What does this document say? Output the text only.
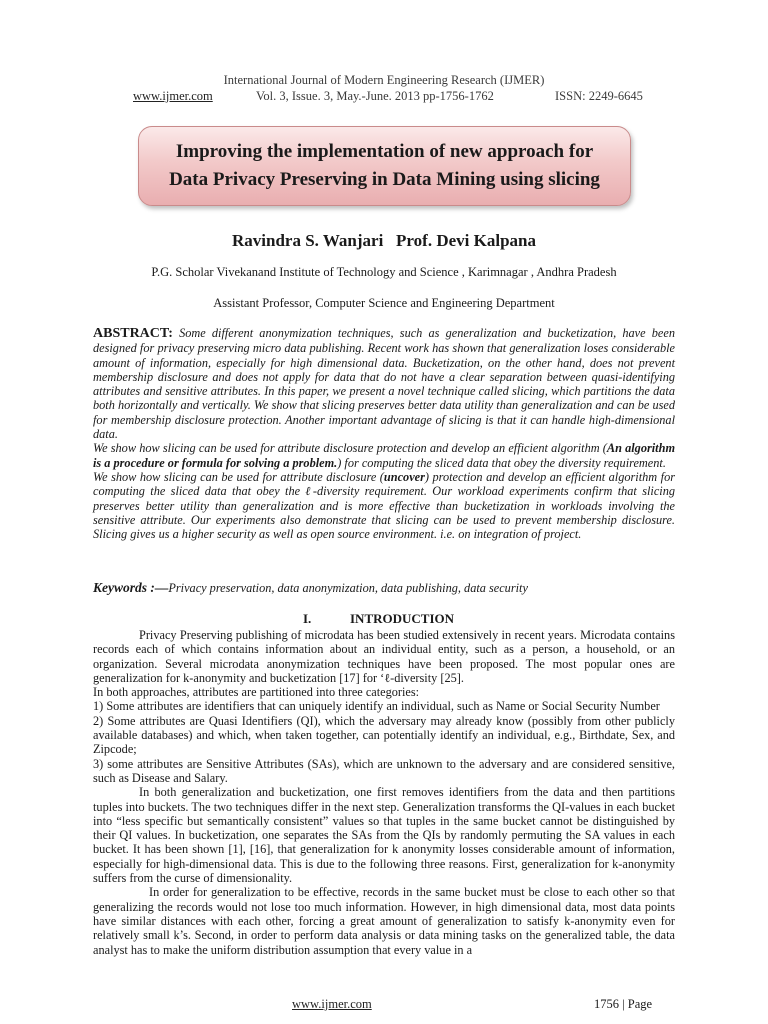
International Journal of Modern Engineering Research (IJMER)
www.ijmer.com	Vol. 3, Issue. 3, May.-June. 2013 pp-1756-1762	ISSN: 2249-6645
Improving the implementation of new approach for
Data Privacy Preserving in Data Mining using slicing
Ravindra S. Wanjari   Prof. Devi Kalpana
P.G. Scholar Vivekanand Institute of Technology and Science , Karimnagar , Andhra Pradesh
Assistant Professor, Computer Science and Engineering Department
ABSTRACT: Some different anonymization techniques, such as generalization and bucketization, have been designed for privacy preserving micro data publishing. Recent work has shown that generalization loses considerable amount of information, especially for high dimensional data. Bucketization, on the other hand, does not prevent membership disclosure and does not apply for data that do not have a clear separation between quasi-identifying attributes and sensitive attributes. In this paper, we present a novel technique called slicing, which partitions the data both horizontally and vertically. We show that slicing preserves better data utility than generalization and can be used for membership disclosure protection. Another important advantage of slicing is that it can handle high-dimensional data.
We show how slicing can be used for attribute disclosure protection and develop an efficient algorithm (An algorithm is a procedure or formula for solving a problem.) for computing the sliced data that obey the diversity requirement.
We show how slicing can be used for attribute disclosure (uncover) protection and develop an efficient algorithm for computing the sliced data that obey the ℓ-diversity requirement. Our workload experiments confirm that slicing preserves better utility than generalization and is more effective than bucketization in workloads involving the sensitive attribute. Our experiments also demonstrate that slicing can be used to prevent membership disclosure. Slicing gives us a higher security as well as open source environment. i.e. on integration of project.
Keywords :—Privacy preservation, data anonymization, data publishing, data security
I.	INTRODUCTION

Privacy Preserving publishing of microdata has been studied extensively in recent years. Microdata contains records each of which contains information about an individual entity, such as a person, a household, or an organization. Several microdata anonymization techniques have been proposed. The most popular ones are generalization for k-anonymity and bucketization [17] for ‘ℓ-diversity [25].

In both approaches, attributes are partitioned into three categories:

1) Some attributes are identifiers that can uniquely identify an individual, such as Name or Social Security Number

2) Some attributes are Quasi Identifiers (QI), which the adversary may already know (possibly from other publicly available databases) and which, when taken together, can potentially identify an individual, e.g., Birthdate, Sex, and Zipcode;

3) some attributes are Sensitive Attributes (SAs), which are unknown to the adversary and are considered sensitive, such as Disease and Salary.

In both generalization and bucketization, one first removes identifiers from the data and then partitions tuples into buckets. The two techniques differ in the next step. Generalization transforms the QI-values in each bucket into “less specific but semantically consistent” values so that tuples in the same bucket cannot be distinguished by their QI values. In bucketization, one separates the SAs from the QIs by randomly permuting the SA values in each bucket. It has been shown [1], [16], that generalization for k anonymity losses considerable amount of information, especially for high-dimensional data. This is due to the following three reasons. First, generalization for k-anonymity suffers from the curse of dimensionality.

In order for generalization to be effective, records in the same bucket must be close to each other so that generalizing the records would not lose too much information. However, in high dimensional data, most data points have similar distances with each other, forcing a great amount of generalization to satisfy k-anonymity even for relatively small k’s. Second, in order to perform data analysis or data mining tasks on the generalized table, the data analyst has to make the uniform distribution assumption that every value in a

www.ijmer.com	1756 | Page
